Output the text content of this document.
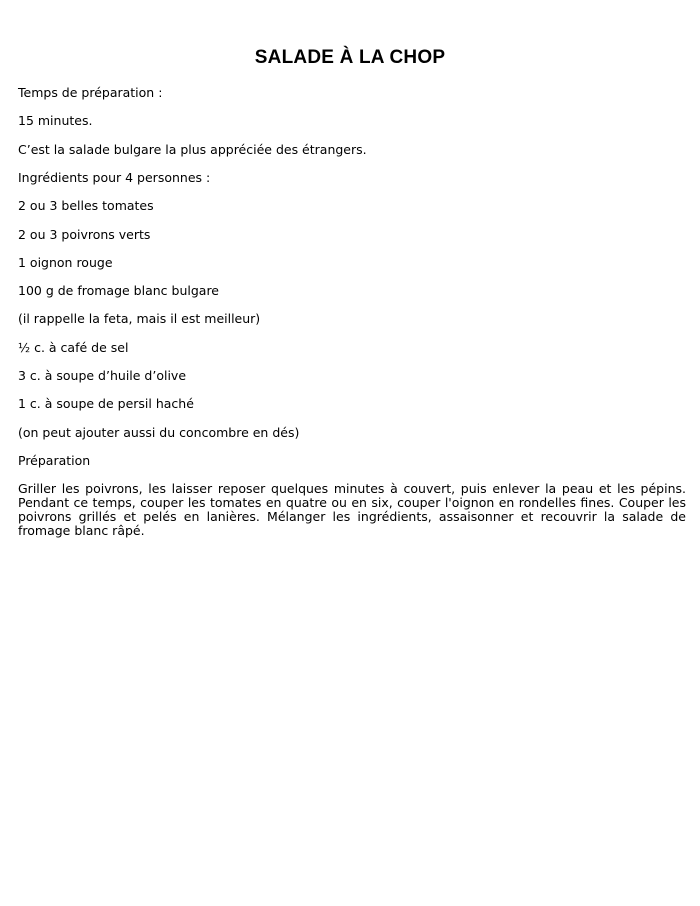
SALADE À LA CHOP
Temps de préparation :
15 minutes.
C’est la salade bulgare la plus appréciée des étrangers.
Ingrédients pour 4 personnes :
2 ou 3 belles tomates
2 ou 3 poivrons verts
1 oignon rouge
100 g de fromage blanc bulgare
(il rappelle la feta, mais il est meilleur)
½ c. à café de sel
3 c. à soupe d’huile d’olive
1 c. à soupe de persil haché
(on peut ajouter aussi du concombre en dés)
Préparation
Griller les poivrons, les laisser reposer quelques minutes à couvert, puis enlever la peau et les pépins. Pendant ce temps, couper les tomates en quatre ou en six, couper l'oignon en rondelles fines. Couper les poivrons grillés et pelés en lanières. Mélanger les ingrédients, assaisonner et recouvrir la salade de fromage blanc râpé.
